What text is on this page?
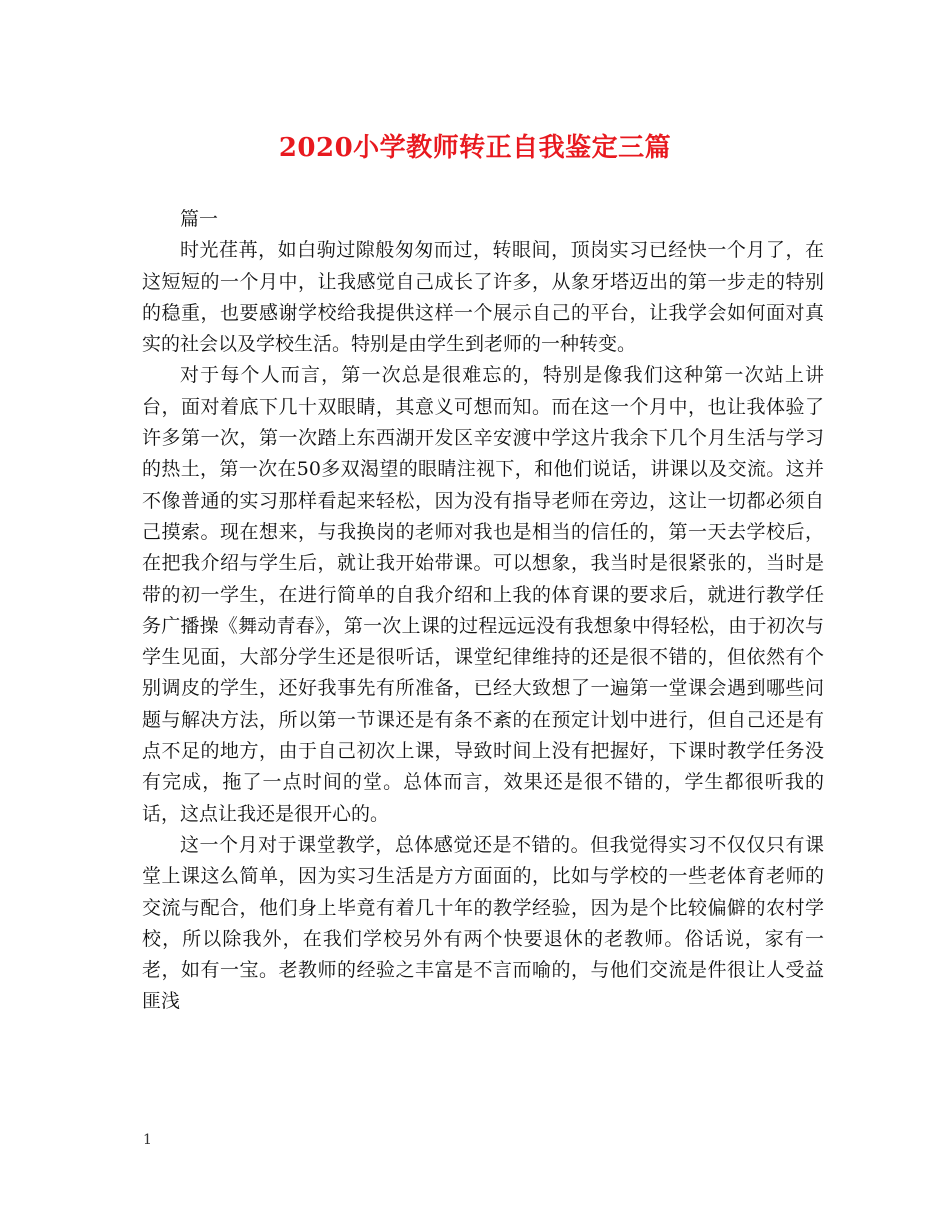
2020小学教师转正自我鉴定三篇

篇一

时光荏苒，如白驹过隙般匆匆而过，转眼间，顶岗实习已经快一个月了，在这短短的一个月中，让我感觉自己成长了许多，从象牙塔迈出的第一步走的特别的稳重，也要感谢学校给我提供这样一个展示自己的平台，让我学会如何面对真实的社会以及学校生活。特别是由学生到老师的一种转变。

对于每个人而言，第一次总是很难忘的，特别是像我们这种第一次站上讲台，面对着底下几十双眼睛，其意义可想而知。而在这一个月中，也让我体验了许多第一次，第一次踏上东西湖开发区辛安渡中学这片我余下几个月生活与学习的热土，第一次在50多双渴望的眼睛注视下，和他们说话，讲课以及交流。这并不像普通的实习那样看起来轻松，因为没有指导老师在旁边，这让一切都必须自己摸索。现在想来，与我换岗的老师对我也是相当的信任的，第一天去学校后，在把我介绍与学生后，就让我开始带课。可以想象，我当时是很紧张的，当时是带的初一学生，在进行简单的自我介绍和上我的体育课的要求后，就进行教学任务广播操《舞动青春》，第一次上课的过程远远没有我想象中得轻松，由于初次与学生见面，大部分学生还是很听话，课堂纪律维持的还是很不错的，但依然有个别调皮的学生，还好我事先有所准备，已经大致想了一遍第一堂课会遇到哪些问题与解决方法，所以第一节课还是有条不紊的在预定计划中进行，但自己还是有点不足的地方，由于自己初次上课，导致时间上没有把握好，下课时教学任务没有完成，拖了一点时间的堂。总体而言，效果还是很不错的，学生都很听我的话，这点让我还是很开心的。

这一个月对于课堂教学，总体感觉还是不错的。但我觉得实习不仅仅只有课堂上课这么简单，因为实习生活是方方面面的，比如与学校的一些老体育老师的交流与配合，他们身上毕竟有着几十年的教学经验，因为是个比较偏僻的农村学校，所以除我外，在我们学校另外有两个快要退休的老教师。俗话说，家有一老，如有一宝。老教师的经验之丰富是不言而喻的，与他们交流是件很让人受益匪浅

1
